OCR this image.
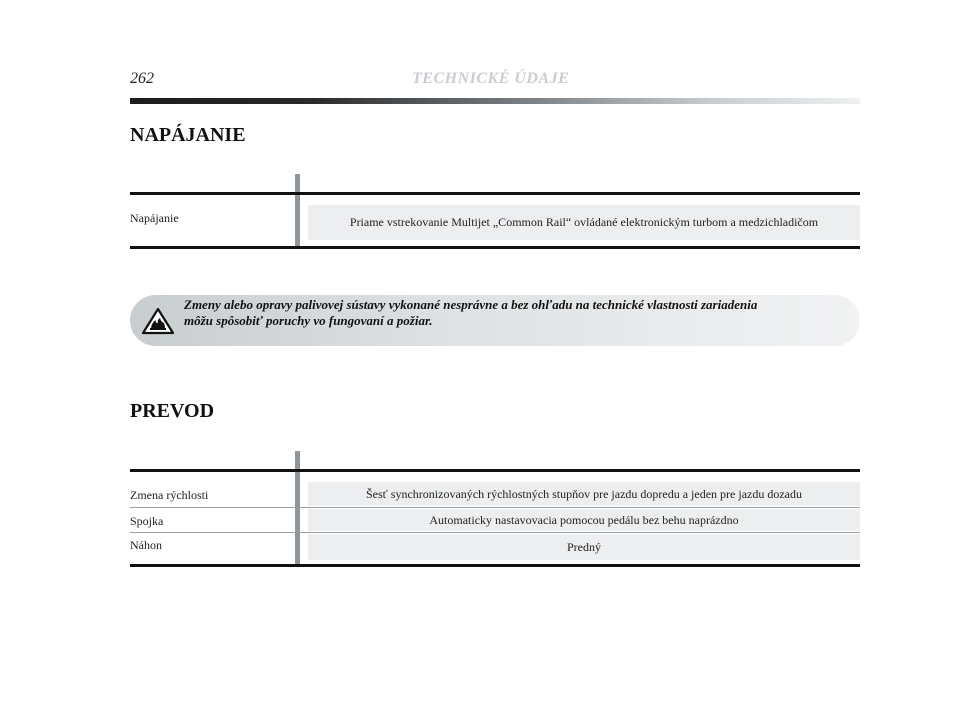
262	TECHNICKÉ ÚDAJE
NAPÁJANIE
Napájanie	Priame vstrekovanie Multijet „Common Rail“ ovládané elektronickým turbom a medzichladičom
Zmeny alebo opravy palivovej sústavy vykonané nesprávne a bez ohľadu na technické vlastnosti zariadenia
môžu spôsobiť poruchy vo fungovaní a požiar.
PREVOD
Zmena rýchlosti	Šesť synchronizovaných rýchlostných stupňov pre jazdu dopredu a jeden pre jazdu dozadu
Spojka	Automaticky nastavovacia pomocou pedálu bez behu naprázdno
Náhon	Predný
